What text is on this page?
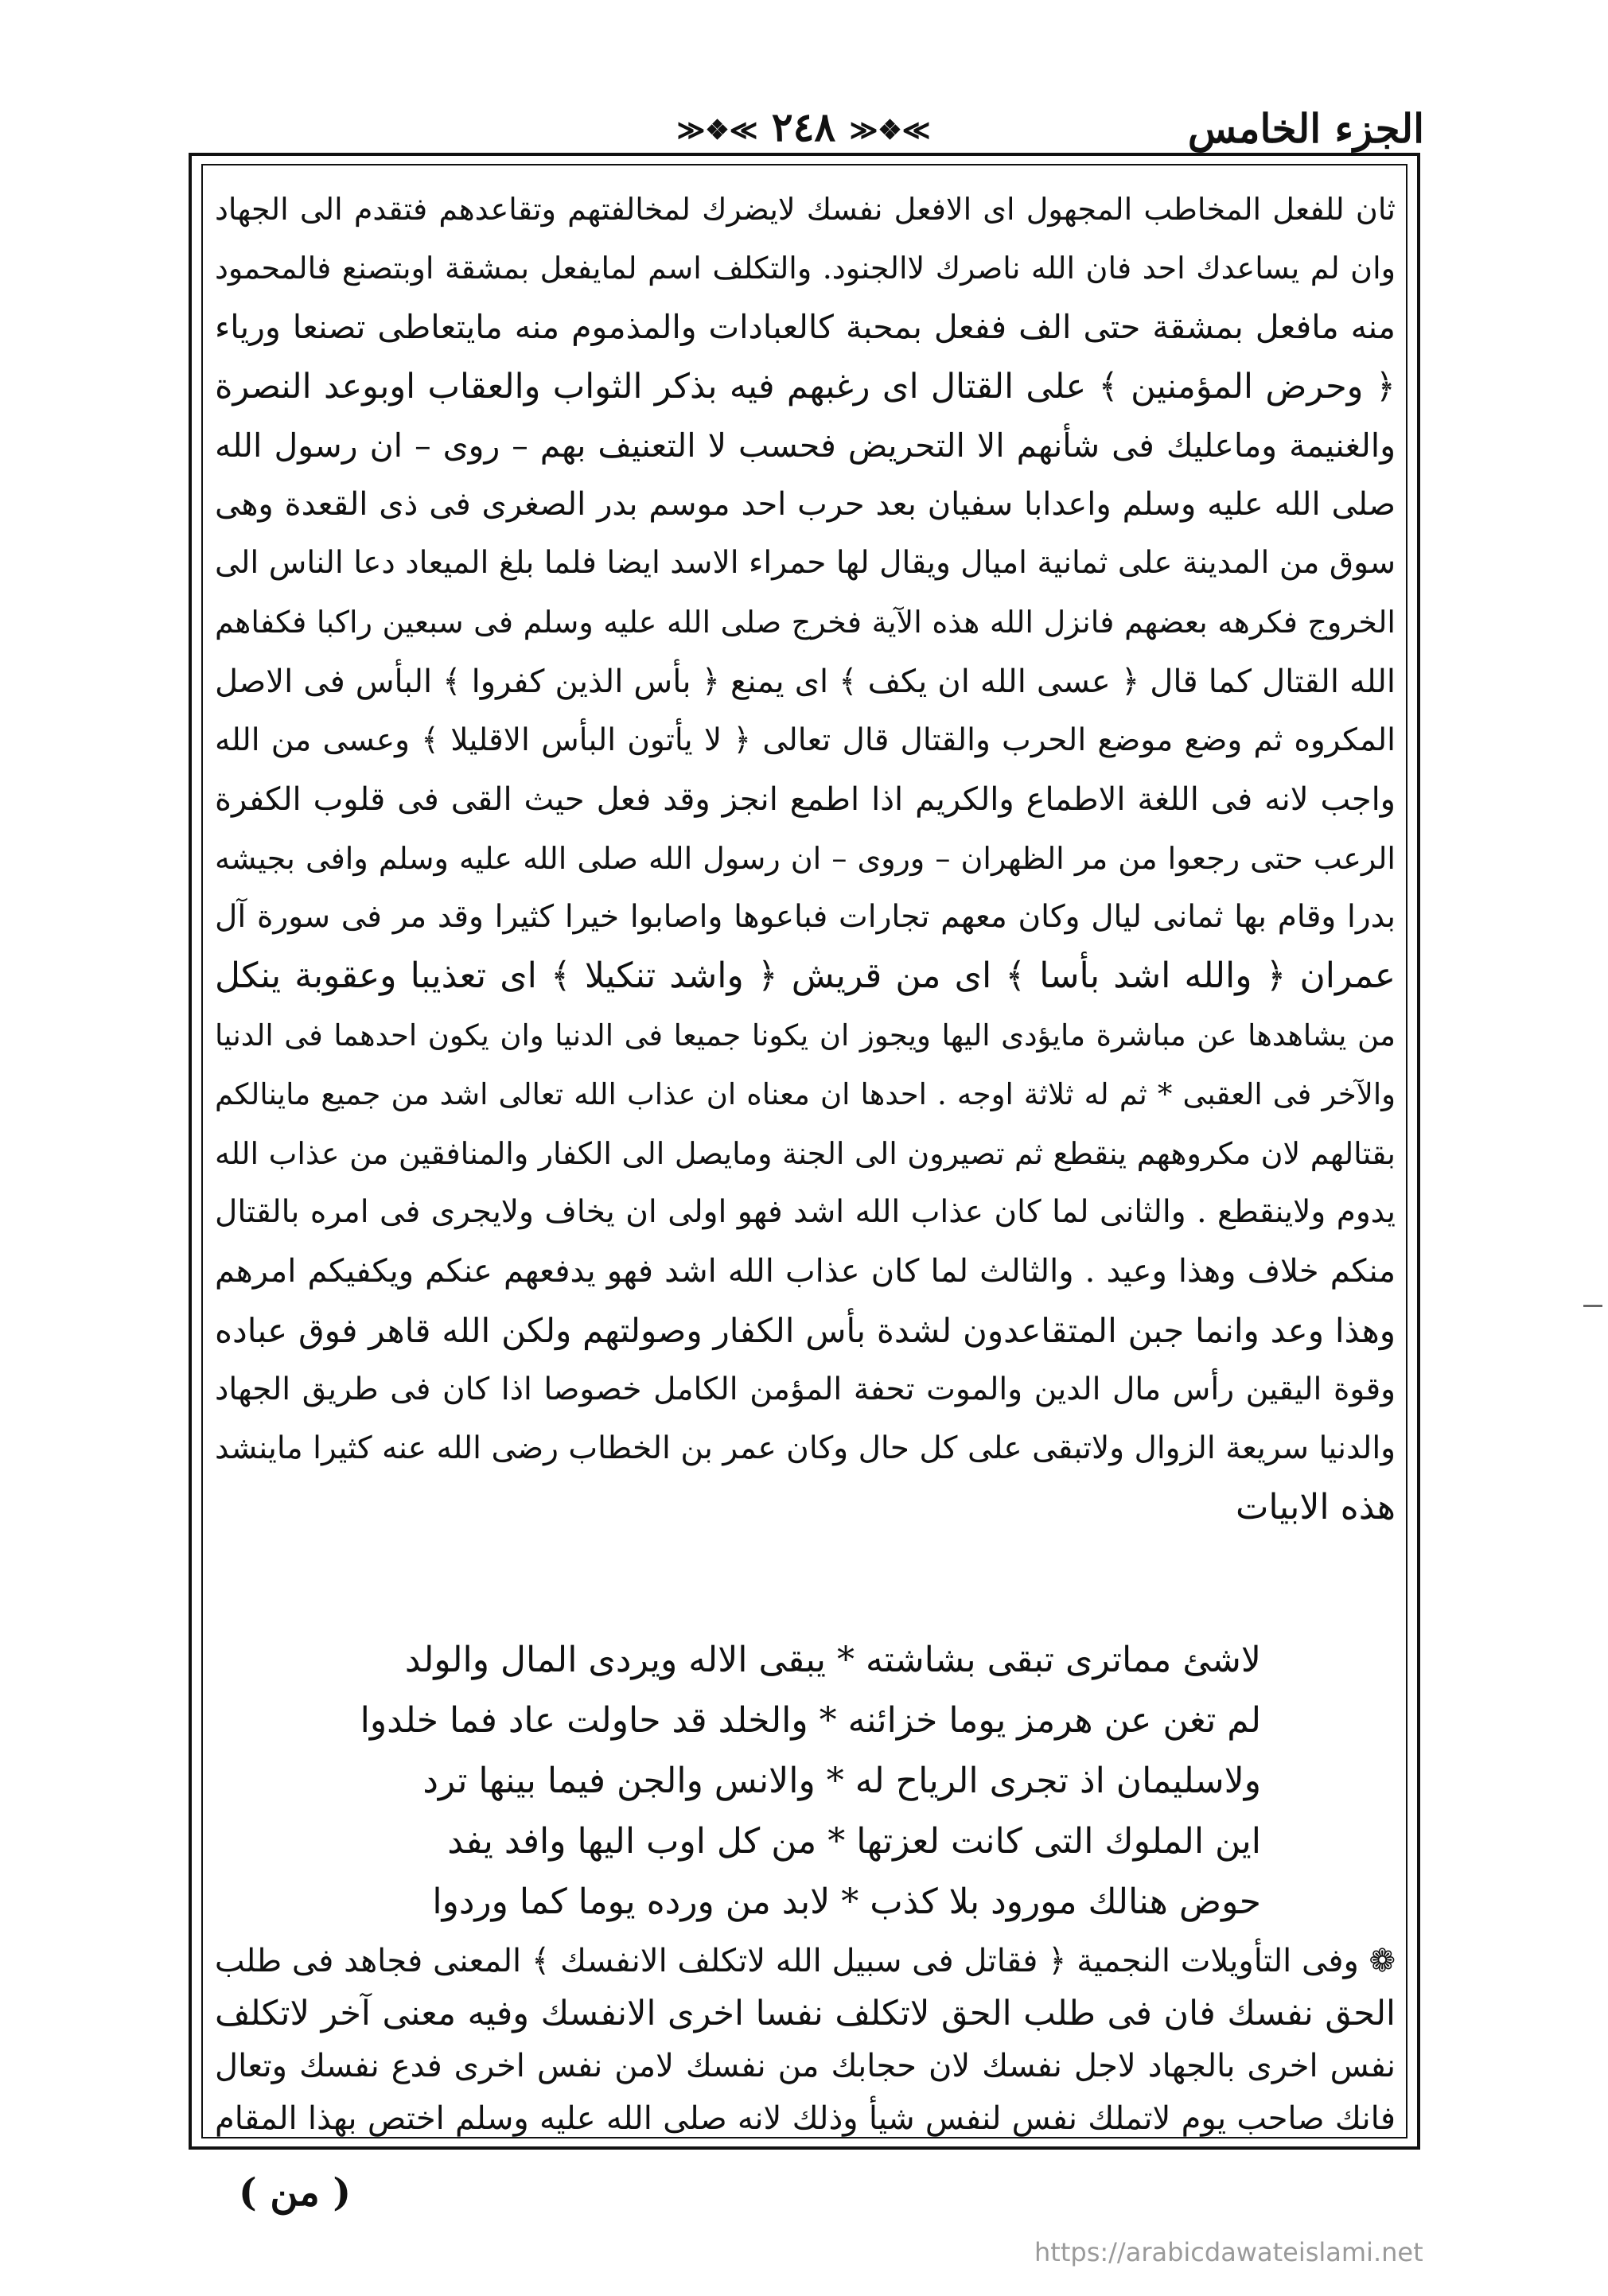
الجزء الخامس
≫❖≪ ٢٤٨ ≫❖≪
ثان للفعل المخاطب المجهول اى الافعل نفسك لايضرك لمخالفتهم وتقاعدهم فتقدم الى الجهاد
وان لم يساعدك احد فان الله ناصرك لاالجنود. والتكلف اسم لمايفعل بمشقة اوبتصنع فالمحمود
منه مافعل بمشقة حتى الف ففعل بمحبة كالعبادات والمذموم منه مايتعاطى تصنعا ورياء
﴿ وحرض المؤمنين ﴾ على القتال اى رغبهم فيه بذكر الثواب والعقاب اوبوعد النصرة
والغنيمة وماعليك فى شأنهم الا التحريض فحسب لا التعنيف بهم – روى – ان رسول الله
صلى الله عليه وسلم واعدابا سفيان بعد حرب احد موسم بدر الصغرى فى ذى القعدة وهى
سوق من المدينة على ثمانية اميال ويقال لها حمراء الاسد ايضا فلما بلغ الميعاد دعا الناس الى
الخروج فكرهه بعضهم فانزل الله هذه الآية فخرج صلى الله عليه وسلم فى سبعين راكبا فكفاهم
الله القتال كما قال ﴿ عسى الله ان يكف ﴾ اى يمنع ﴿ بأس الذين كفروا ﴾ البأس فى الاصل
المكروه ثم وضع موضع الحرب والقتال قال تعالى ﴿ لا يأتون البأس الاقليلا ﴾ وعسى من الله
واجب لانه فى اللغة الاطماع والكريم اذا اطمع انجز وقد فعل حيث القى فى قلوب الكفرة
الرعب حتى رجعوا من مر الظهران – وروى – ان رسول الله صلى الله عليه وسلم وافى بجيشه
بدرا وقام بها ثمانى ليال وكان معهم تجارات فباعوها واصابوا خيرا كثيرا وقد مر فى سورة آل
عمران ﴿ والله اشد بأسا ﴾ اى من قريش ﴿ واشد تنكيلا ﴾ اى تعذيبا وعقوبة ينكل
من يشاهدها عن مباشرة مايؤدى اليها ويجوز ان يكونا جميعا فى الدنيا وان يكون احدهما فى الدنيا
والآخر فى العقبى * ثم له ثلاثة اوجه . احدها ان معناه ان عذاب الله تعالى اشد من جميع ماينالكم
بقتالهم لان مكروههم ينقطع ثم تصيرون الى الجنة ومايصل الى الكفار والمنافقين من عذاب الله
يدوم ولاينقطع . والثانى لما كان عذاب الله اشد فهو اولى ان يخاف ولايجرى فى امره بالقتال
منكم خلاف وهذا وعيد . والثالث لما كان عذاب الله اشد فهو يدفعهم عنكم ويكفيكم امرهم
وهذا وعد وانما جبن المتقاعدون لشدة بأس الكفار وصولتهم ولكن الله قاهر فوق عباده
وقوة اليقين رأس مال الدين والموت تحفة المؤمن الكامل خصوصا اذا كان فى طريق الجهاد
والدنيا سريعة الزوال ولاتبقى على كل حال وكان عمر بن الخطاب رضى الله عنه كثيرا ماينشد
هذه الابيات
لاشئ مماترى تبقى بشاشته * يبقى الاله ويردى المال والولد
لم تغن عن هرمز يوما خزائنه * والخلد قد حاولت عاد فما خلدوا
ولاسليمان اذ تجرى الرياح له * والانس والجن فيما بينها ترد
اين الملوك التى كانت لعزتها * من كل اوب اليها وافد يفد
حوض هنالك مورود بلا كذب * لابد من ورده يوما كما وردوا
❁ وفى التأويلات النجمية ﴿ فقاتل فى سبيل الله لاتكلف الانفسك ﴾ المعنى فجاهد فى طلب
الحق نفسك فان فى طلب الحق لاتكلف نفسا اخرى الانفسك وفيه معنى آخر لاتكلف
نفس اخرى بالجهاد لاجل نفسك لان حجابك من نفسك لامن نفس اخرى فدع نفسك وتعال
فانك صاحب يوم لاتملك نفس لنفس شيأ وذلك لانه صلى الله عليه وسلم اختص بهذا المقام
( من )
https://arabicdawateislami.net
